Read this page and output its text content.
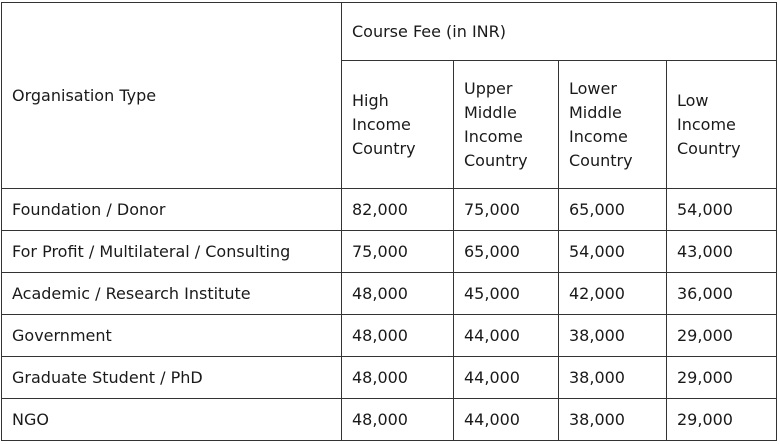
Organisation Type	Course Fee (in INR)			
	High Income Country	Upper Middle Income Country	Lower Middle Income Country	Low Income Country
Foundation / Donor	82,000	75,000	65,000	54,000
For Profit / Multilateral / Consulting	75,000	65,000	54,000	43,000
Academic / Research Institute	48,000	45,000	42,000	36,000

Government	48,000	44,000	38,000	29,000
Graduate Student / PhD	48,000	44,000	38,000	29,000
NGO	48,000	44,000	38,000	29,000
